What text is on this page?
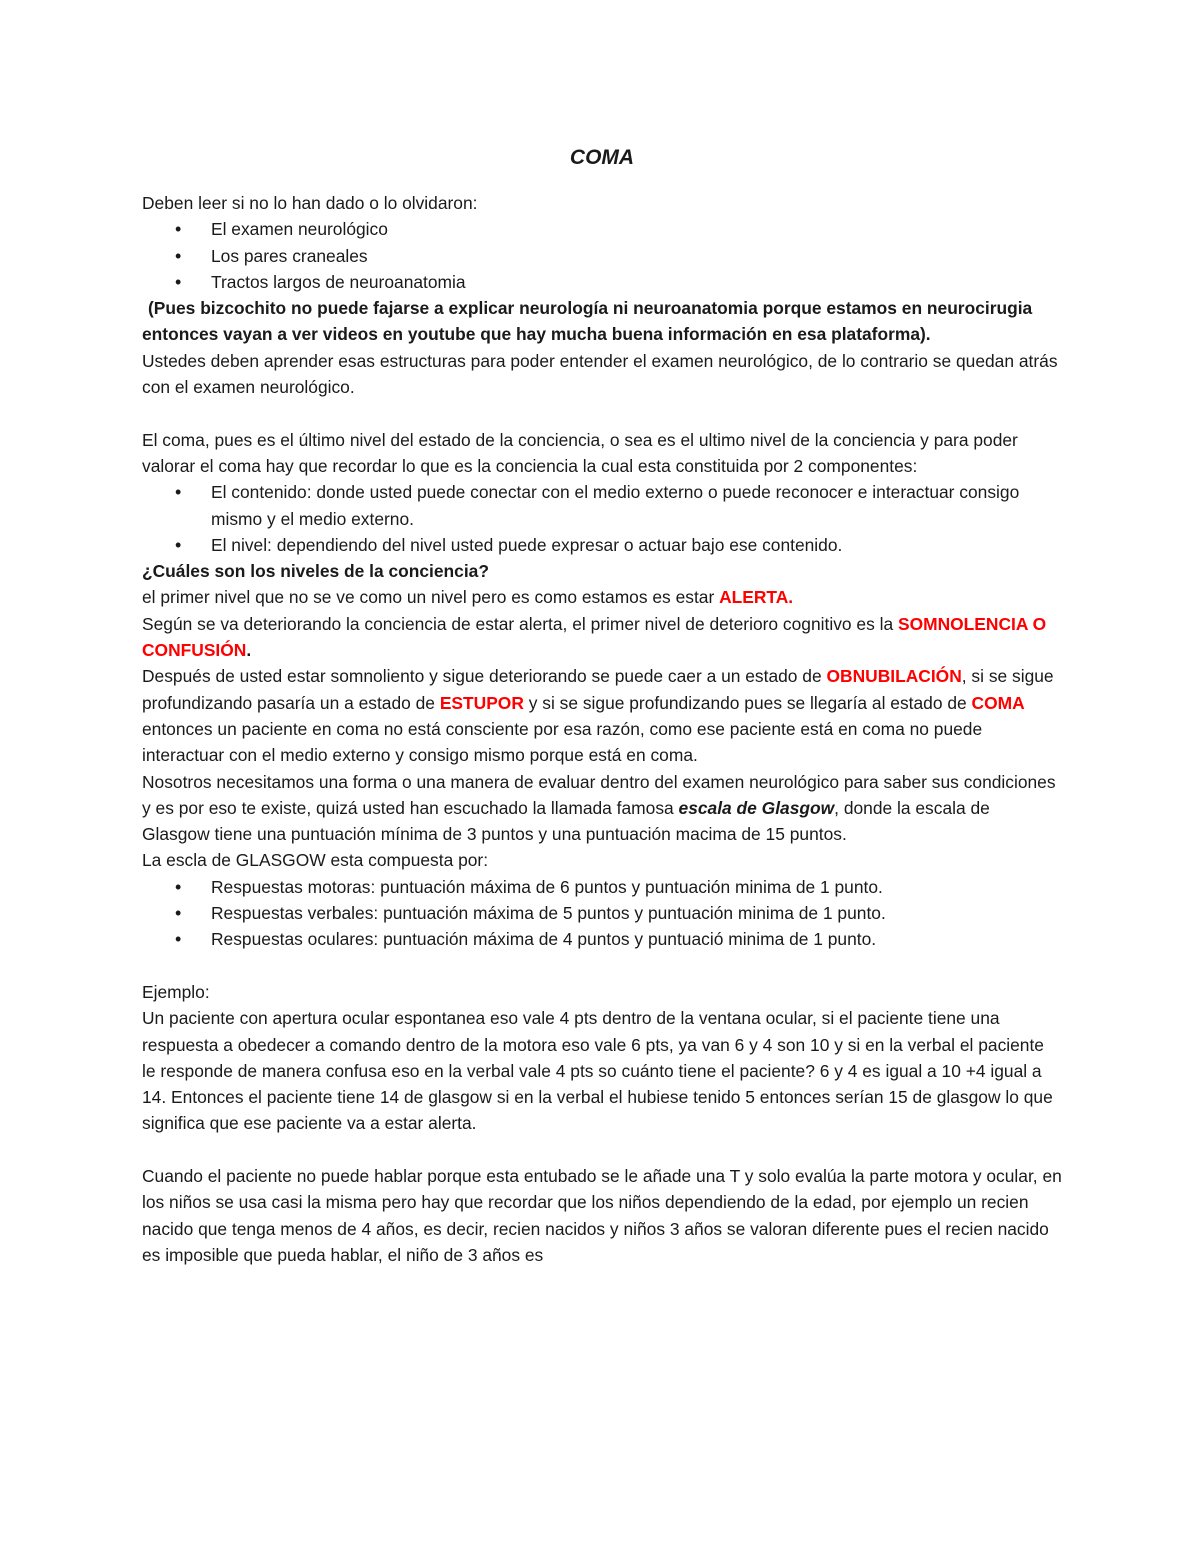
COMA

Deben leer si no lo han dado o lo olvidaron:

• El examen neurológico
• Los pares craneales
• Tractos largos de neuroanatomia

(Pues bizcochito no puede fajarse a explicar neurología ni neuroanatomia porque estamos en neurocirugia entonces vayan a ver videos en youtube que hay mucha buena información en esa plataforma).

Ustedes deben aprender esas estructuras para poder entender el examen neurológico, de lo contrario se quedan atrás con el examen neurológico.

El coma, pues es el último nivel del estado de la conciencia, o sea es el ultimo nivel de la conciencia y para poder valorar el coma hay que recordar lo que es la conciencia la cual esta constituida por 2 componentes:

• El contenido: donde usted puede conectar con el medio externo o puede reconocer e interactuar consigo mismo y el medio externo.
• El nivel: dependiendo del nivel usted puede expresar o actuar bajo ese contenido.

¿Cuáles son los niveles de la conciencia?

el primer nivel que no se ve como un nivel pero es como estamos es estar ALERTA.

Según se va deteriorando la conciencia de estar alerta, el primer nivel de deterioro cognitivo es la SOMNOLENCIA O CONFUSIÓN.

Después de usted estar somnoliento y sigue deteriorando se puede caer a un estado de OBNUBILACIÓN, si se sigue profundizando pasaría un a estado de ESTUPOR y si se sigue profundizando pues se llegaría al estado de COMA entonces un paciente en coma no está consciente por esa razón, como ese paciente está en coma no puede interactuar con el medio externo y consigo mismo porque está en coma.

Nosotros necesitamos una forma o una manera de evaluar dentro del examen neurológico para saber sus condiciones y es por eso te existe, quizá usted han escuchado la llamada famosa escala de Glasgow, donde la escala de Glasgow tiene una puntuación mínima de 3 puntos y una puntuación macima de 15 puntos.

La escla de GLASGOW esta compuesta por:

• Respuestas motoras: puntuación máxima de 6 puntos y puntuación minima de 1 punto.
• Respuestas verbales: puntuación máxima de 5 puntos y puntuación minima de 1 punto.
• Respuestas oculares: puntuación máxima de 4 puntos y puntuació minima de 1 punto.

Ejemplo:

Un paciente con apertura ocular espontanea eso vale 4 pts dentro de la ventana ocular, si el paciente tiene una respuesta a obedecer a comando dentro de la motora eso vale 6 pts, ya van 6 y 4 son 10 y si en la verbal el paciente le responde de manera confusa eso en la verbal vale 4 pts so cuánto tiene el paciente? 6 y 4 es igual a 10 +4 igual a 14. Entonces el paciente tiene 14 de glasgow si en la verbal el hubiese tenido 5 entonces serían 15 de glasgow lo que significa que ese paciente va a estar alerta.

Cuando el paciente no puede hablar porque esta entubado se le añade una T y solo evalúa la parte motora y ocular, en los niños se usa casi la misma pero hay que recordar que los niños dependiendo de la edad, por ejemplo un recien nacido que tenga menos de 4 años, es decir, recien nacidos y niños 3 años se valoran diferente pues el recien nacido es imposible que pueda hablar, el niño de 3 años es
